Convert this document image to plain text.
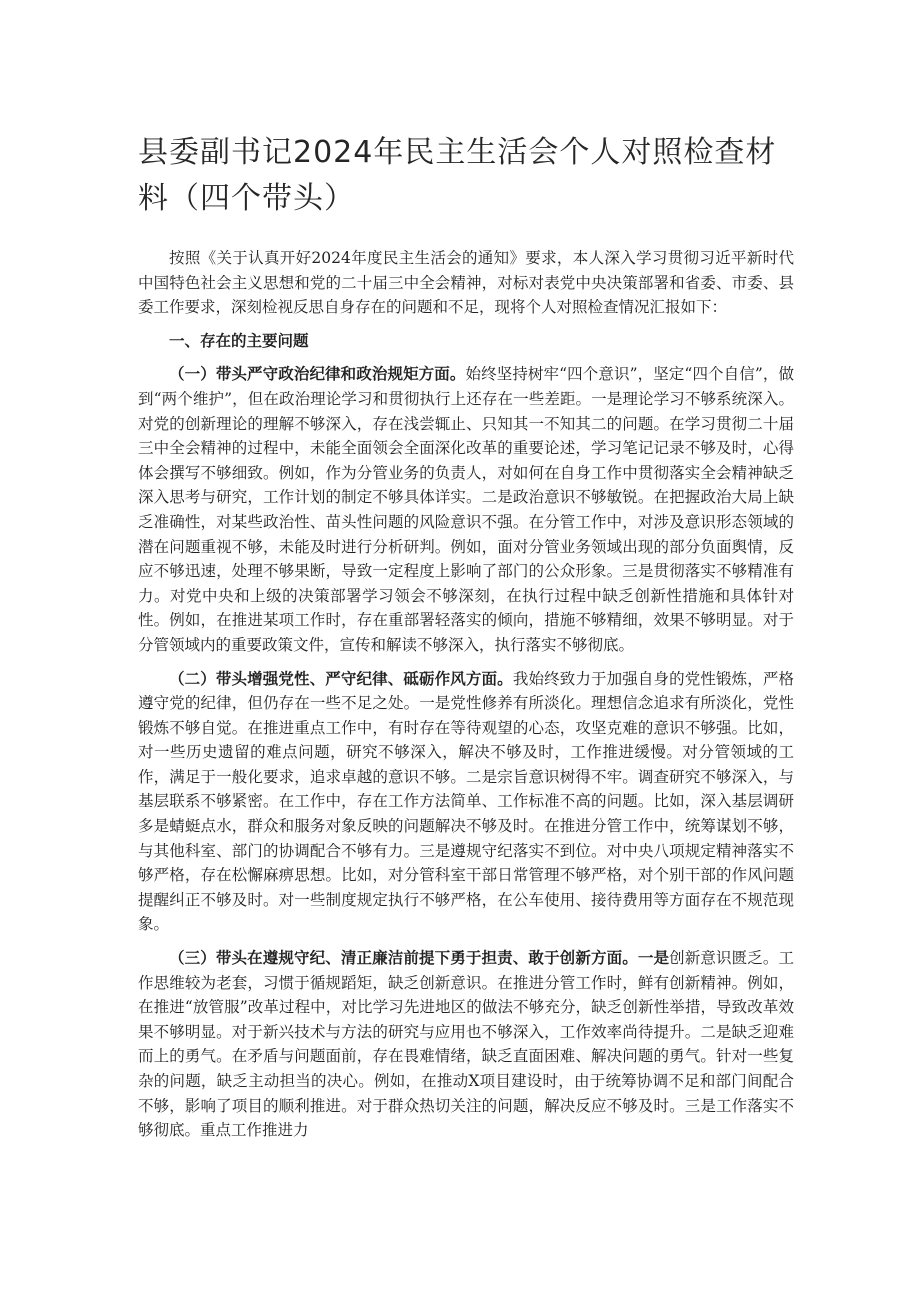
县委副书记2024年民主生活会个人对照检查材料（四个带头）

按照《关于认真开好2024年度民主生活会的通知》要求，本人深入学习贯彻习近平新时代中国特色社会主义思想和党的二十届三中全会精神，对标对表党中央决策部署和省委、市委、县委工作要求，深刻检视反思自身存在的问题和不足，现将个人对照检查情况汇报如下：

一、存在的主要问题

（一）带头严守政治纪律和政治规矩方面。始终坚持树牢“四个意识”，坚定“四个自信”，做到“两个维护”，但在政治理论学习和贯彻执行上还存在一些差距。一是理论学习不够系统深入。对党的创新理论的理解不够深入，存在浅尝辄止、只知其一不知其二的问题。在学习贯彻二十届三中全会精神的过程中，未能全面领会全面深化改革的重要论述，学习笔记记录不够及时，心得体会撰写不够细致。例如，作为分管业务的负责人，对如何在自身工作中贯彻落实全会精神缺乏深入思考与研究，工作计划的制定不够具体详实。二是政治意识不够敏锐。在把握政治大局上缺乏准确性，对某些政治性、苗头性问题的风险意识不强。在分管工作中，对涉及意识形态领域的潜在问题重视不够，未能及时进行分析研判。例如，面对分管业务领域出现的部分负面舆情，反应不够迅速，处理不够果断，导致一定程度上影响了部门的公众形象。三是贯彻落实不够精准有力。对党中央和上级的决策部署学习领会不够深刻，在执行过程中缺乏创新性措施和具体针对性。例如，在推进某项工作时，存在重部署轻落实的倾向，措施不够精细，效果不够明显。对于分管领域内的重要政策文件，宣传和解读不够深入，执行落实不够彻底。

（二）带头增强党性、严守纪律、砥砺作风方面。我始终致力于加强自身的党性锻炼，严格遵守党的纪律，但仍存在一些不足之处。一是党性修养有所淡化。理想信念追求有所淡化，党性锻炼不够自觉。在推进重点工作中，有时存在等待观望的心态，攻坚克难的意识不够强。比如，对一些历史遗留的难点问题，研究不够深入，解决不够及时，工作推进缓慢。对分管领域的工作，满足于一般化要求，追求卓越的意识不够。二是宗旨意识树得不牢。调查研究不够深入，与基层联系不够紧密。在工作中，存在工作方法简单、工作标准不高的问题。比如，深入基层调研多是蜻蜓点水，群众和服务对象反映的问题解决不够及时。在推进分管工作中，统筹谋划不够，与其他科室、部门的协调配合不够有力。三是遵规守纪落实不到位。对中央八项规定精神落实不够严格，存在松懈麻痹思想。比如，对分管科室干部日常管理不够严格，对个别干部的作风问题提醒纠正不够及时。对一些制度规定执行不够严格，在公车使用、接待费用等方面存在不规范现象。

（三）带头在遵规守纪、清正廉洁前提下勇于担责、敢于创新方面。一是创新意识匮乏。工作思维较为老套，习惯于循规蹈矩，缺乏创新意识。在推进分管工作时，鲜有创新精神。例如，在推进“放管服”改革过程中，对比学习先进地区的做法不够充分，缺乏创新性举措，导致改革效果不够明显。对于新兴技术与方法的研究与应用也不够深入，工作效率尚待提升。二是缺乏迎难而上的勇气。在矛盾与问题面前，存在畏难情绪，缺乏直面困难、解决问题的勇气。针对一些复杂的问题，缺乏主动担当的决心。例如，在推动X项目建设时，由于统筹协调不足和部门间配合不够，影响了项目的顺利推进。对于群众热切关注的问题，解决反应不够及时。三是工作落实不够彻底。重点工作推进力
